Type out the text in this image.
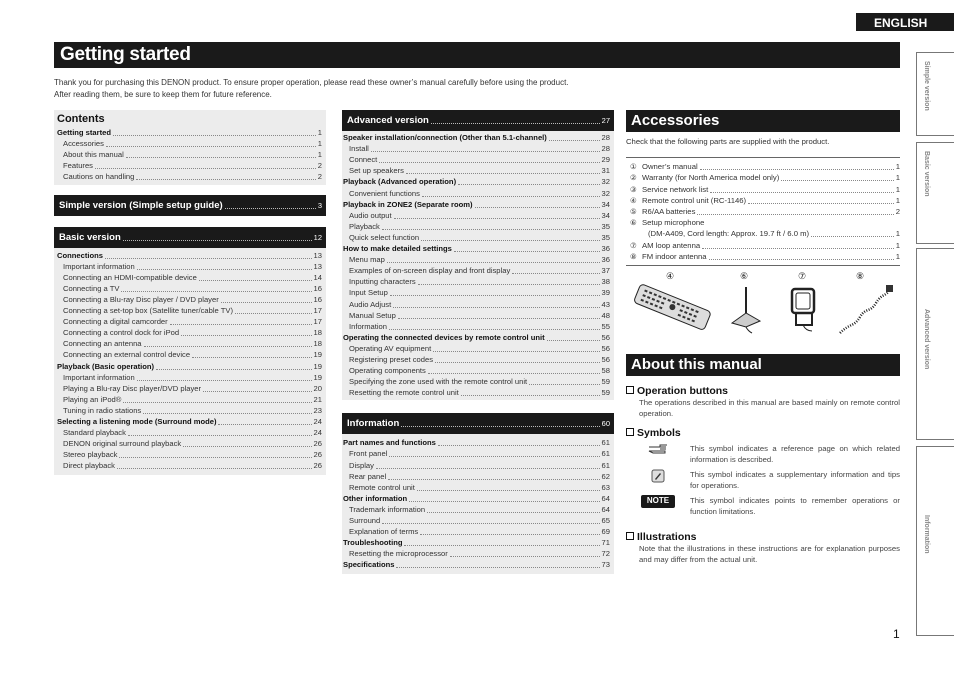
ENGLISH
Getting started
Thank you for purchasing this DENON product. To ensure proper operation, please read these owner’s manual carefully before using the product.
After reading them, be sure to keep them for future reference.	Simple version
Basic version
Advanced version
Information
Contents
Getting started	1
Accessories	1
About this manual	1
Features	2
Cautions on handling	2
Simple version (Simple setup guide)	3
Basic version	12
Connections	13
Important information	13
Connecting an HDMI-compatible device	14
Connecting a TV	16
Connecting a Blu-ray Disc player / DVD player	16
Connecting a set-top box (Satellite tuner/cable TV)	17
Connecting a digital camcorder	17
Connecting a control dock for iPod	18
Connecting an antenna	18
Connecting an external control device	19
Playback (Basic operation)	19
Important information	19
Playing a Blu-ray Disc player/DVD player	20
Playing an iPod®	21
Tuning in radio stations	23
Selecting a listening mode (Surround mode)	24
Standard playback	24
DENON original surround playback	26
Stereo playback	26
Direct playback	26
Advanced version	27
Speaker installation/connection (Other than 5.1-channel)	28
Install	28
Connect	29
Set up speakers	31
Playback (Advanced operation)	32
Convenient functions	32
Playback in ZONE2 (Separate room)	34
Audio output	34
Playback	35
Quick select function	35
How to make detailed settings	36
Menu map	36
Examples of on-screen display and front display	37
Inputting characters	38
Input Setup	39
Audio Adjust	43
Manual Setup	48
Information	55
Operating the connected devices by remote control unit	56
Operating AV equipment	56
Registering preset codes	56
Operating components	58
Specifying the zone used with the remote control unit	59
Resetting the remote control unit	59
Information	60
Part names and functions	61
Front panel	61
Display	61
Rear panel	62
Remote control unit	63
Other information	64
Trademark information	64
Surround	65
Explanation of terms	69
Troubleshooting	71
Resetting the microprocessor	72
Specifications	73
Accessories
Check that the following parts are supplied with the product.
① Owner’s manual	1
② Warranty (for North America model only)	1
③ Service network list	1
④ Remote control unit (RC-1146)	1
⑤ R6/AA batteries	2
⑥ Setup microphone
(DM-A409, Cord length: Approx. 19.7 ft / 6.0 m)	1
⑦ AM loop antenna	1
⑧ FM indoor antenna	1
④	⑥	⑦	⑧
About this manual
Operation buttons
The operations described in this manual are based mainly on remote control operation.
Symbols
This symbol indicates a reference page on which related information is described.
This symbol indicates a supplementary information and tips for operations.
NOTE	This symbol indicates points to remember operations or function limitations.
Illustrations
Note that the illustrations in these instructions are for explanation purposes and may differ from the actual unit.
1
